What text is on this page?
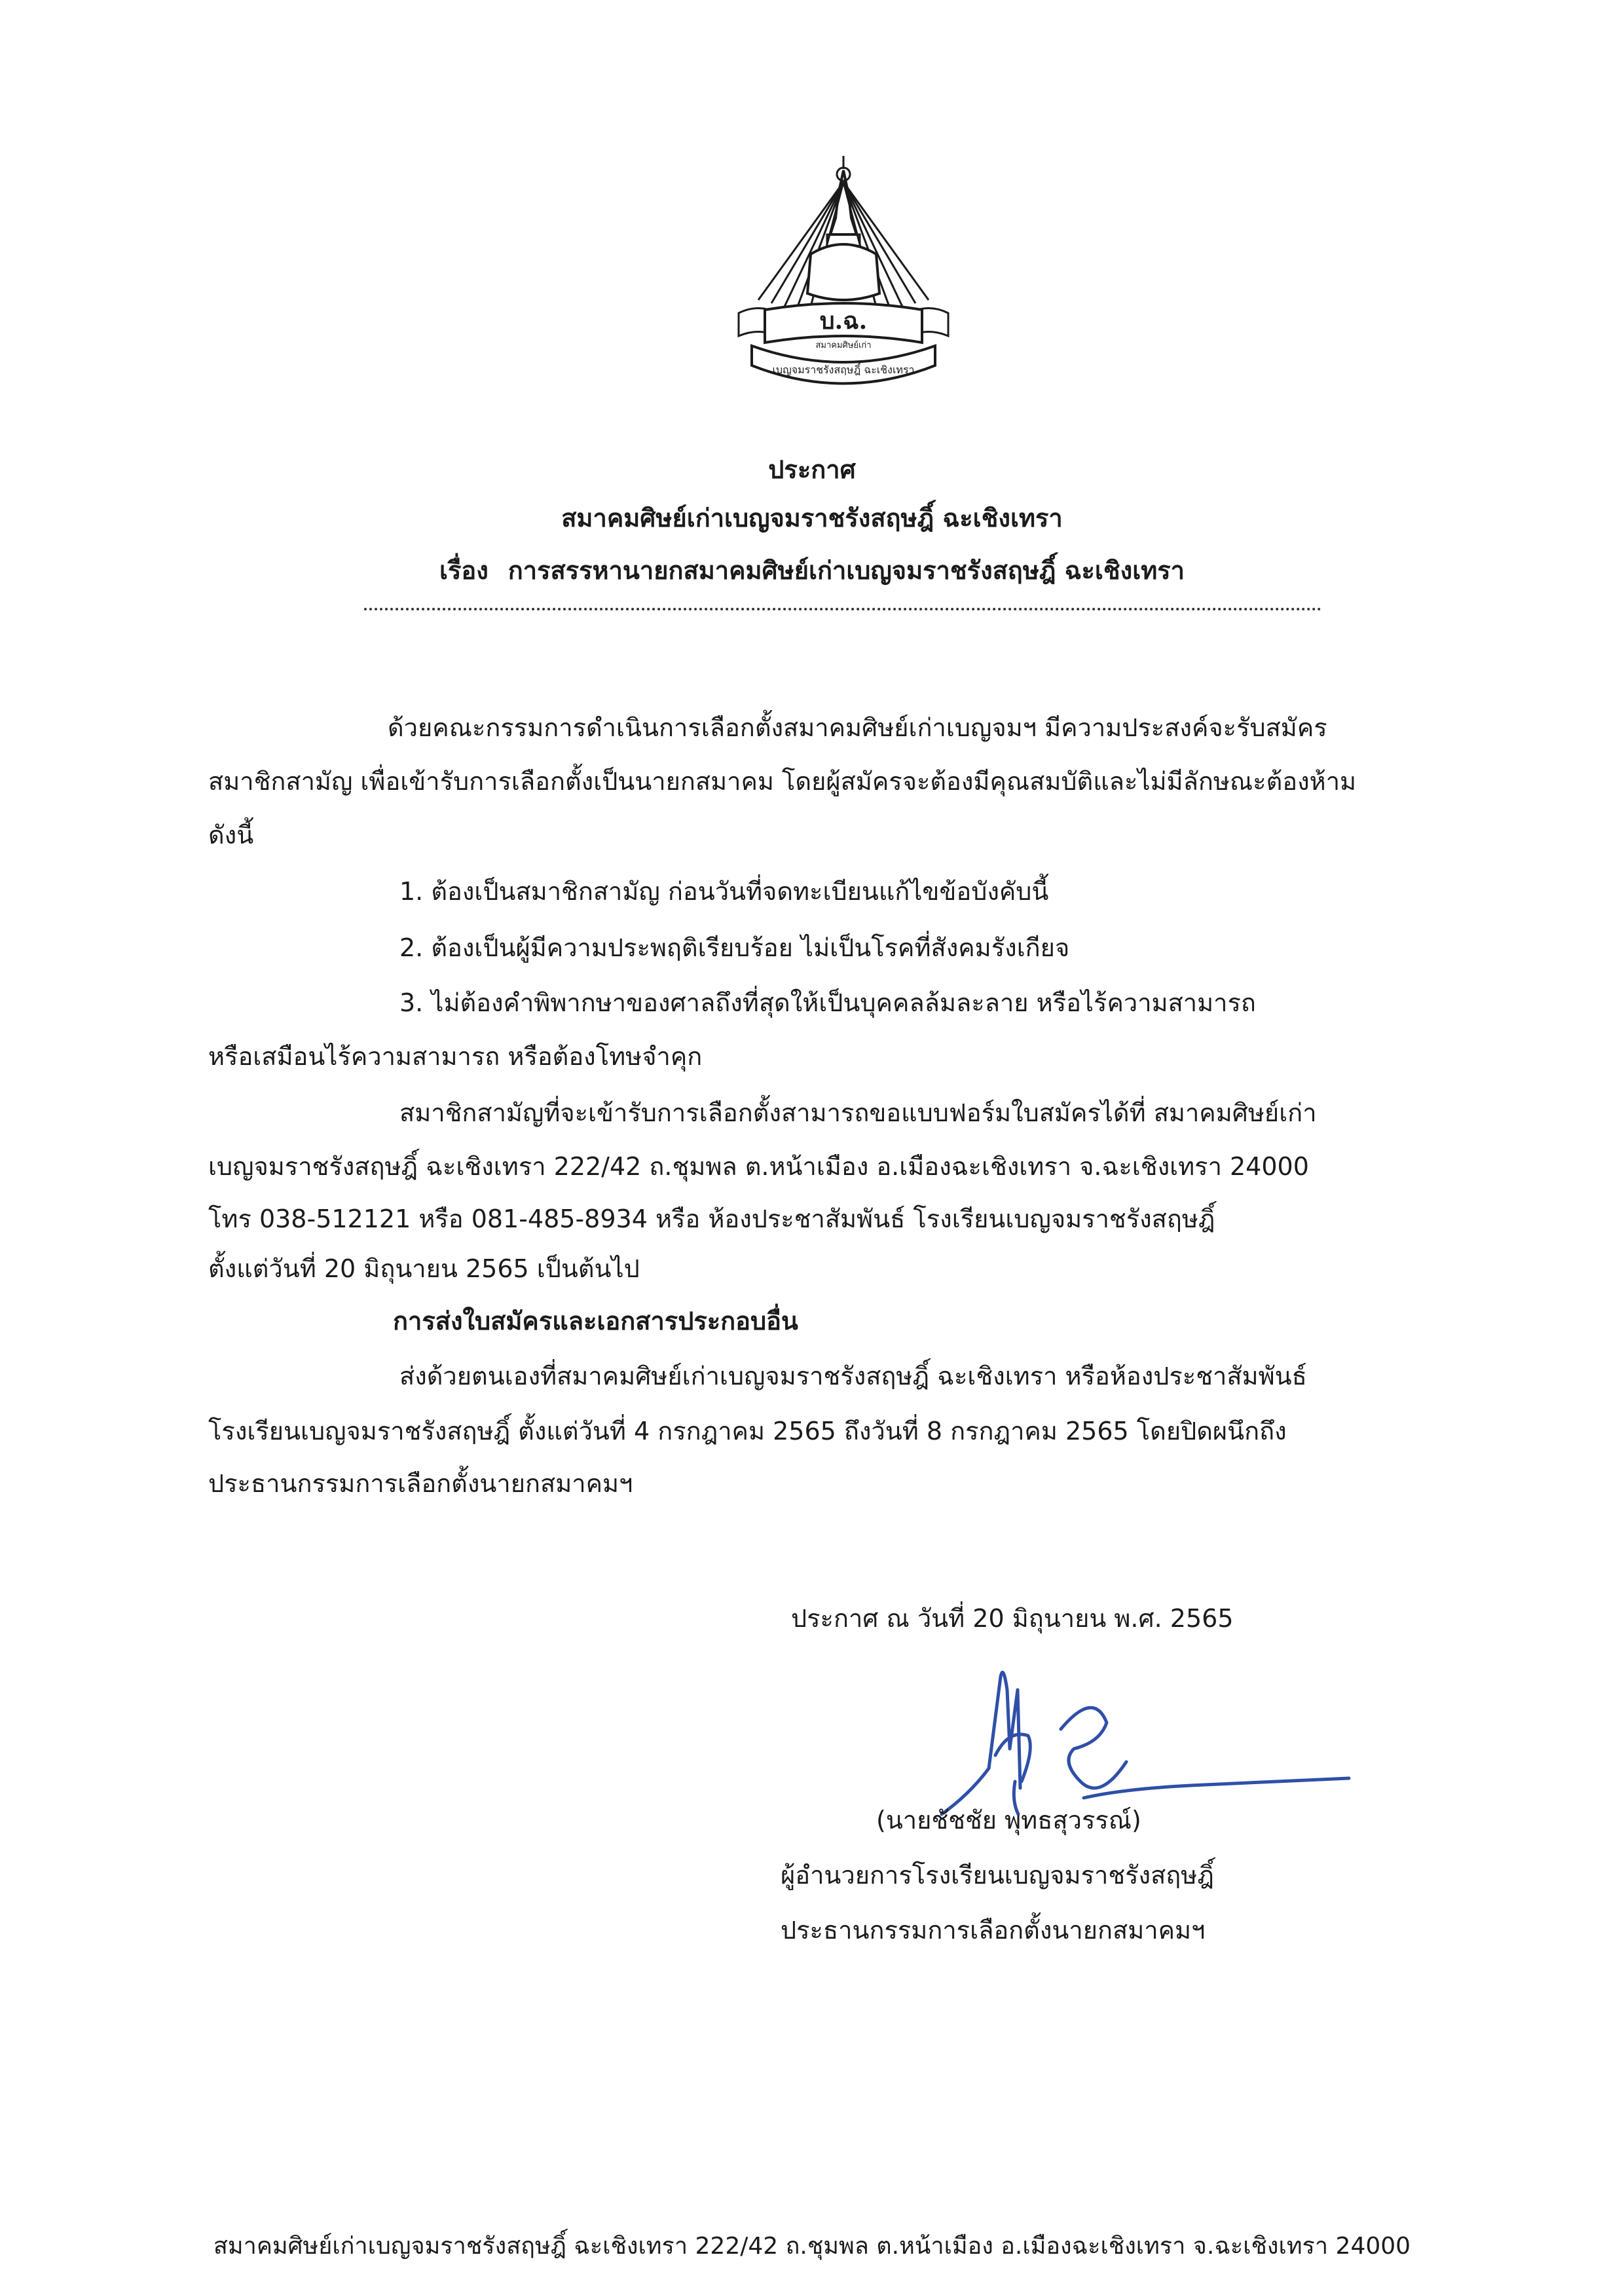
บ.ฉ.
สมาคมศิษย์เก่า
เบญจมราชรังสฤษฎิ์ ฉะเชิงเทรา
ประกาศ
สมาคมศิษย์เก่าเบญจมราชรังสฤษฎิ์ ฉะเชิงเทรา
เรื่อง การสรรหานายกสมาคมศิษย์เก่าเบญจมราชรังสฤษฎิ์ ฉะเชิงเทรา
ด้วยคณะกรรมการดำเนินการเลือกตั้งสมาคมศิษย์เก่าเบญจมฯ มีความประสงค์จะรับสมัคร
สมาชิกสามัญ เพื่อเข้ารับการเลือกตั้งเป็นนายกสมาคม โดยผู้สมัครจะต้องมีคุณสมบัติและไม่มีลักษณะต้องห้าม
ดังนี้
1. ต้องเป็นสมาชิกสามัญ ก่อนวันที่จดทะเบียนแก้ไขข้อบังคับนี้
2. ต้องเป็นผู้มีความประพฤติเรียบร้อย ไม่เป็นโรคที่สังคมรังเกียจ
3. ไม่ต้องคำพิพากษาของศาลถึงที่สุดให้เป็นบุคคลล้มละลาย หรือไร้ความสามารถ
หรือเสมือนไร้ความสามารถ หรือต้องโทษจำคุก
สมาชิกสามัญที่จะเข้ารับการเลือกตั้งสามารถขอแบบฟอร์มใบสมัครได้ที่ สมาคมศิษย์เก่า
เบญจมราชรังสฤษฎิ์ ฉะเชิงเทรา 222/42 ถ.ชุมพล ต.หน้าเมือง อ.เมืองฉะเชิงเทรา จ.ฉะเชิงเทรา 24000
โทร 038-512121 หรือ 081-485-8934 หรือ ห้องประชาสัมพันธ์ โรงเรียนเบญจมราชรังสฤษฎิ์
ตั้งแต่วันที่ 20 มิถุนายน 2565 เป็นต้นไป
การส่งใบสมัครและเอกสารประกอบอื่น
ส่งด้วยตนเองที่สมาคมศิษย์เก่าเบญจมราชรังสฤษฎิ์ ฉะเชิงเทรา หรือห้องประชาสัมพันธ์
โรงเรียนเบญจมราชรังสฤษฎิ์ ตั้งแต่วันที่ 4 กรกฎาคม 2565 ถึงวันที่ 8 กรกฎาคม 2565 โดยปิดผนึกถึง
ประธานกรรมการเลือกตั้งนายกสมาคมฯ
ประกาศ ณ วันที่ 20 มิถุนายน พ.ศ. 2565
(นายชัชชัย พุทธสุวรรณ์)
ผู้อำนวยการโรงเรียนเบญจมราชรังสฤษฎิ์
ประธานกรรมการเลือกตั้งนายกสมาคมฯ
สมาคมศิษย์เก่าเบญจมราชรังสฤษฎิ์ ฉะเชิงเทรา 222/42 ถ.ชุมพล ต.หน้าเมือง อ.เมืองฉะเชิงเทรา จ.ฉะเชิงเทรา 24000
